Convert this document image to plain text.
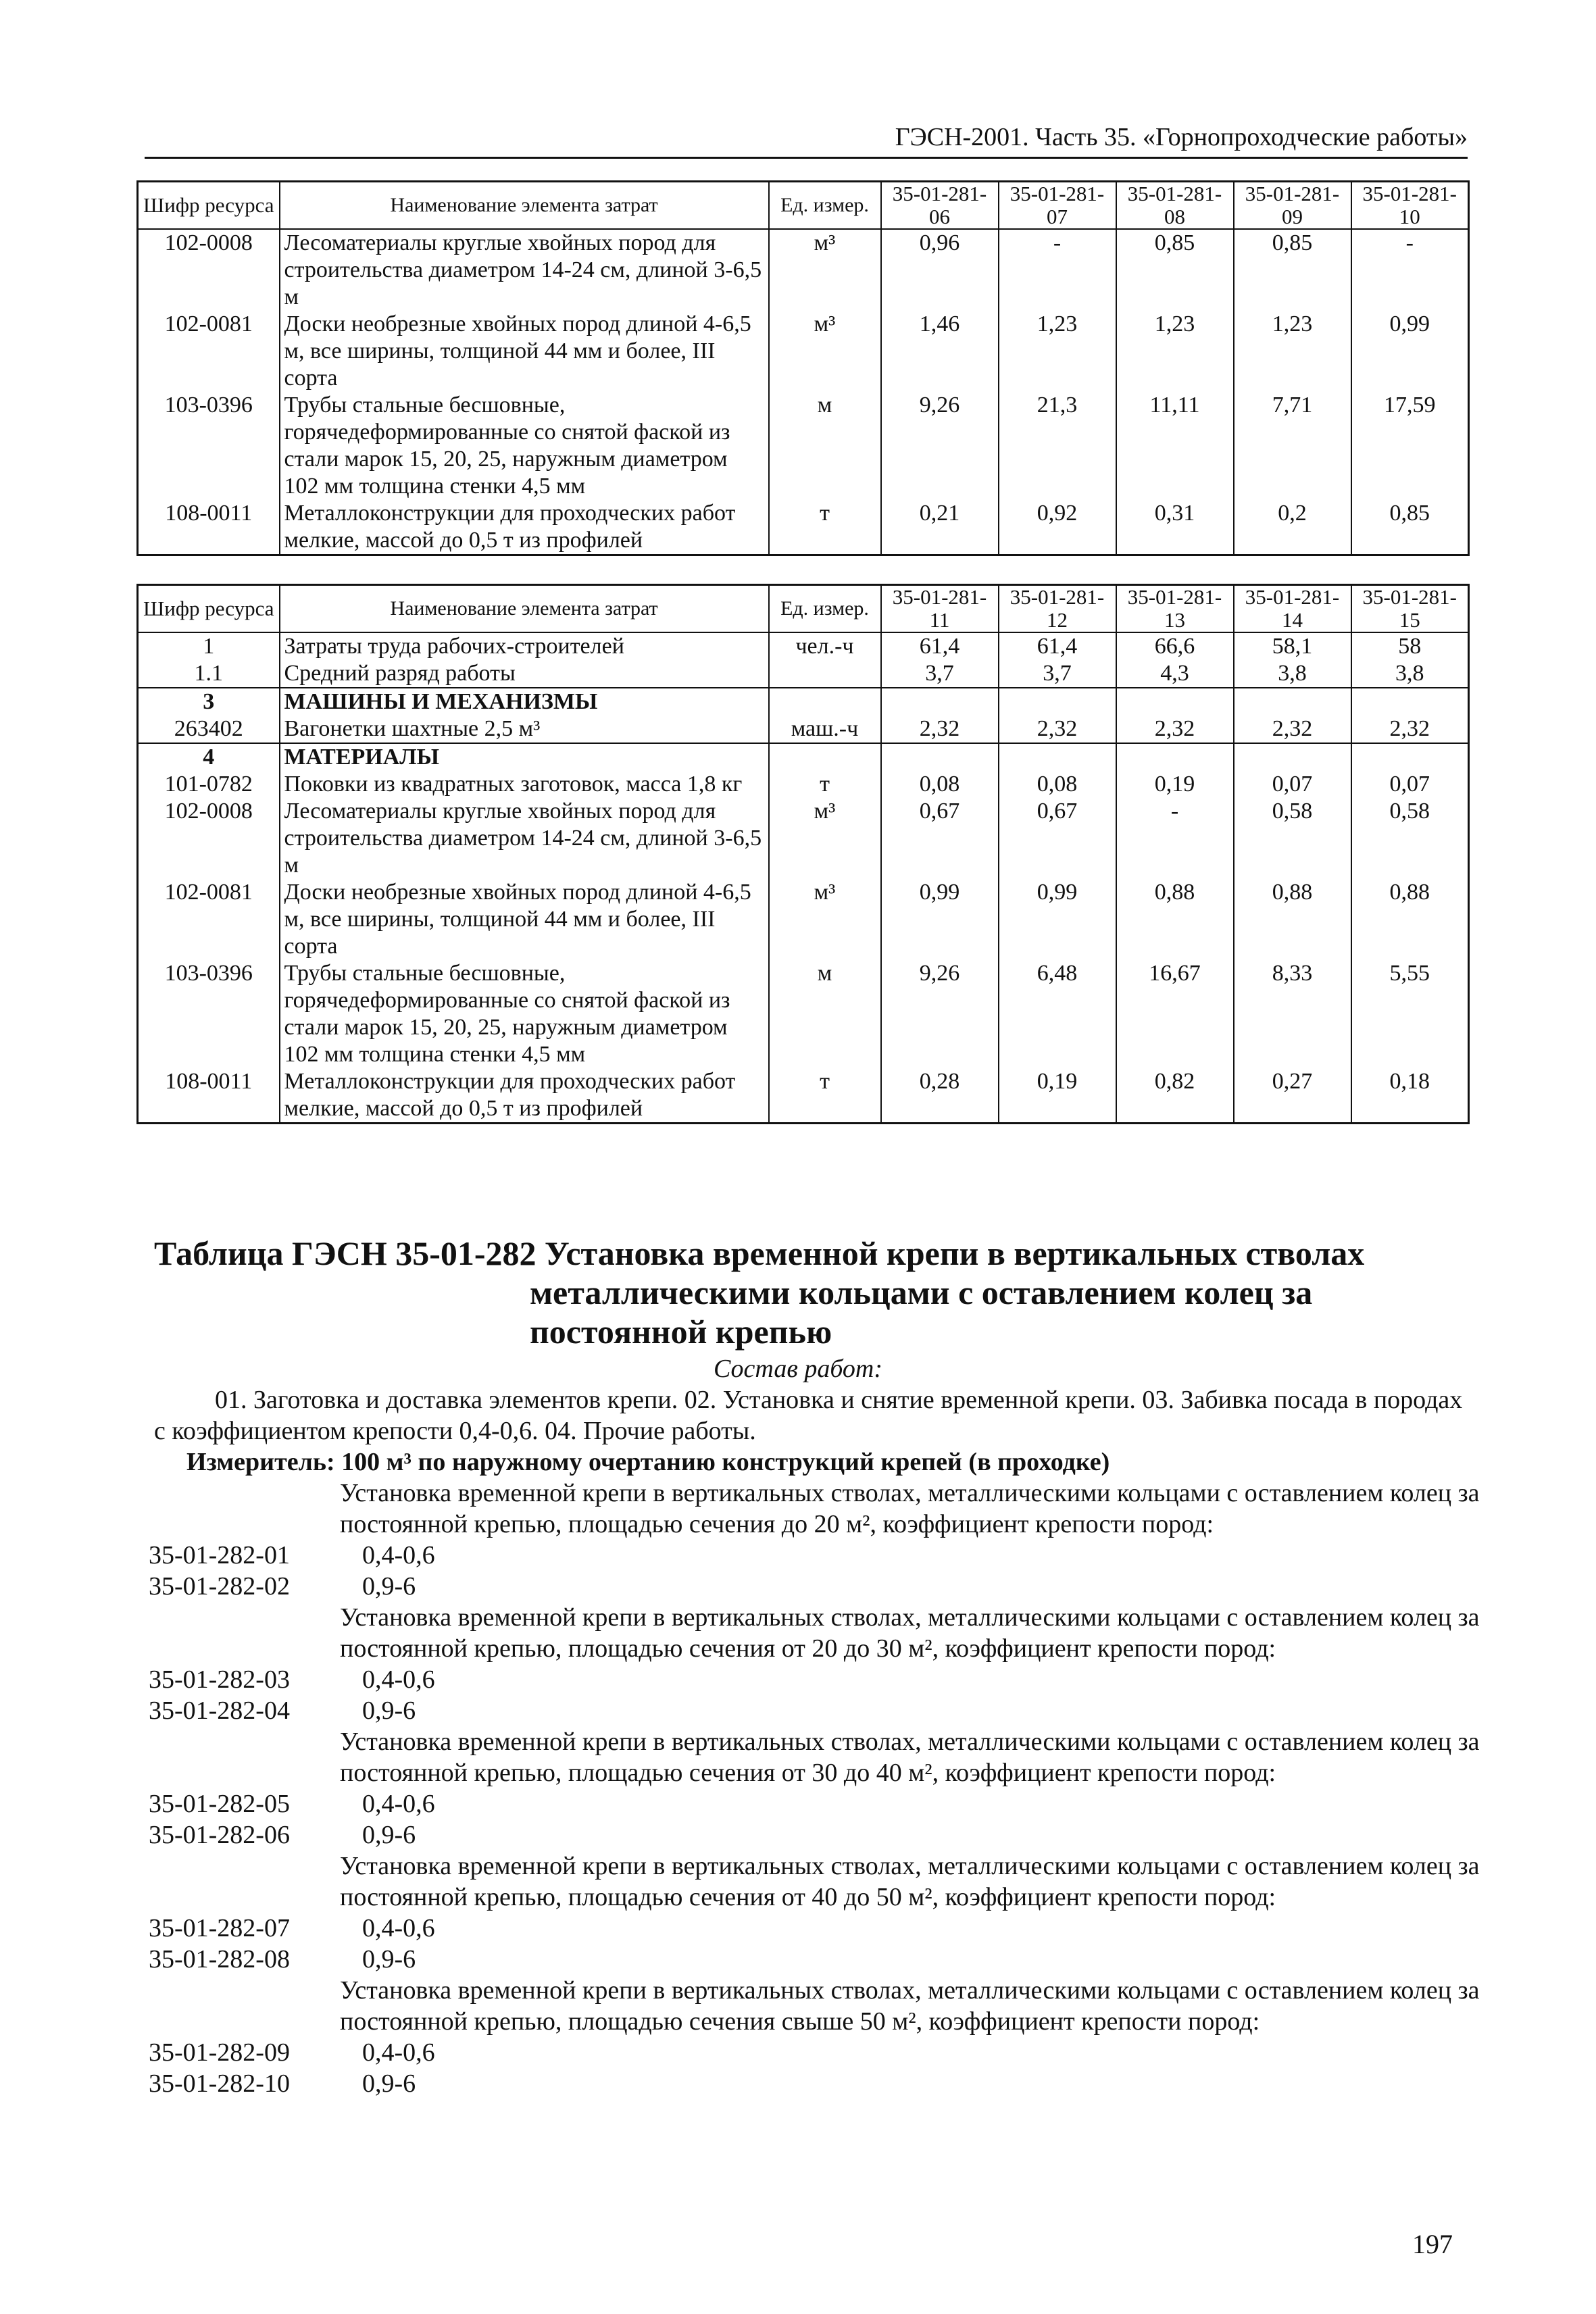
ГЭСН-2001. Часть 35. «Горнопроходческие работы»
Шифр ресурса	Наименование элемента затрат	Ед. измер.	35-01-281-06	35-01-281-07	35-01-281-08	35-01-281-09	35-01-281-10
102-0008	Лесоматериалы круглые хвойных пород для строительства диаметром 14-24 см, длиной 3-6,5 м	м³	0,96	-	0,85	0,85	-
102-0081	Доски необрезные хвойных пород длиной 4-6,5 м, все ширины, толщиной 44 мм и более, III сорта	м³	1,46	1,23	1,23	1,23	0,99
103-0396	Трубы стальные бесшовные, горячедеформированные со снятой фаской из стали марок 15, 20, 25, наружным диаметром 102 мм толщина стенки 4,5 мм	м	9,26	21,3	11,11	7,71	17,59
108-0011	Металлоконструкции для проходческих работ мелкие, массой до 0,5 т из профилей	т	0,21	0,92	0,31	0,2	0,85
Шифр ресурса	Наименование элемента затрат	Ед. измер.	35-01-281-11	35-01-281-12	35-01-281-13	35-01-281-14	35-01-281-15
1	Затраты труда рабочих-строителей	чел.-ч	61,4	61,4	66,6	58,1	58
1.1	Средний разряд работы		3,7	3,7	4,3	3,8	3,8
3	МАШИНЫ И МЕХАНИЗМЫ						
263402	Вагонетки шахтные 2,5 м³	маш.-ч	2,32	2,32	2,32	2,32	2,32
4	МАТЕРИАЛЫ						
101-0782	Поковки из квадратных заготовок, масса 1,8 кг	т	0,08	0,08	0,19	0,07	0,07
102-0008	Лесоматериалы круглые хвойных пород для строительства диаметром 14-24 см, длиной 3-6,5 м	м³	0,67	0,67	-	0,58	0,58
102-0081	Доски необрезные хвойных пород длиной 4-6,5 м, все ширины, толщиной 44 мм и более, III сорта	м³	0,99	0,99	0,88	0,88	0,88
103-0396	Трубы стальные бесшовные, горячедеформированные со снятой фаской из стали марок 15, 20, 25, наружным диаметром 102 мм толщина стенки 4,5 мм	м	9,26	6,48	16,67	8,33	5,55
108-0011	Металлоконструкции для проходческих работ мелкие, массой до 0,5 т из профилей	т	0,28	0,19	0,82	0,27	0,18
Таблица ГЭСН 35-01-282 Установка временной крепи в вертикальных стволах
металлическими кольцами с оставлением колец за постоянной крепью
Состав работ:
01. Заготовка и доставка элементов крепи. 02. Установка и снятие временной крепи. 03. Забивка посада в породах с коэффициентом крепости 0,4-0,6. 04. Прочие работы.
Измеритель: 100 м³ по наружному очертанию конструкций крепей (в проходке)
Установка временной крепи в вертикальных стволах, металлическими кольцами с оставлением колец за постоянной крепью, площадью сечения до 20 м², коэффициент крепости пород:
35-01-282-01	0,4-0,6
35-01-282-02	0,9-6
Установка временной крепи в вертикальных стволах, металлическими кольцами с оставлением колец за постоянной крепью, площадью сечения от 20 до 30 м², коэффициент крепости пород:
35-01-282-03	0,4-0,6
35-01-282-04	0,9-6
Установка временной крепи в вертикальных стволах, металлическими кольцами с оставлением колец за постоянной крепью, площадью сечения от 30 до 40 м², коэффициент крепости пород:
35-01-282-05	0,4-0,6
35-01-282-06	0,9-6
Установка временной крепи в вертикальных стволах, металлическими кольцами с оставлением колец за постоянной крепью, площадью сечения от 40 до 50 м², коэффициент крепости пород:
35-01-282-07	0,4-0,6
35-01-282-08	0,9-6
Установка временной крепи в вертикальных стволах, металлическими кольцами с оставлением колец за постоянной крепью, площадью сечения свыше 50 м², коэффициент крепости пород:
35-01-282-09	0,4-0,6
35-01-282-10	0,9-6
197
